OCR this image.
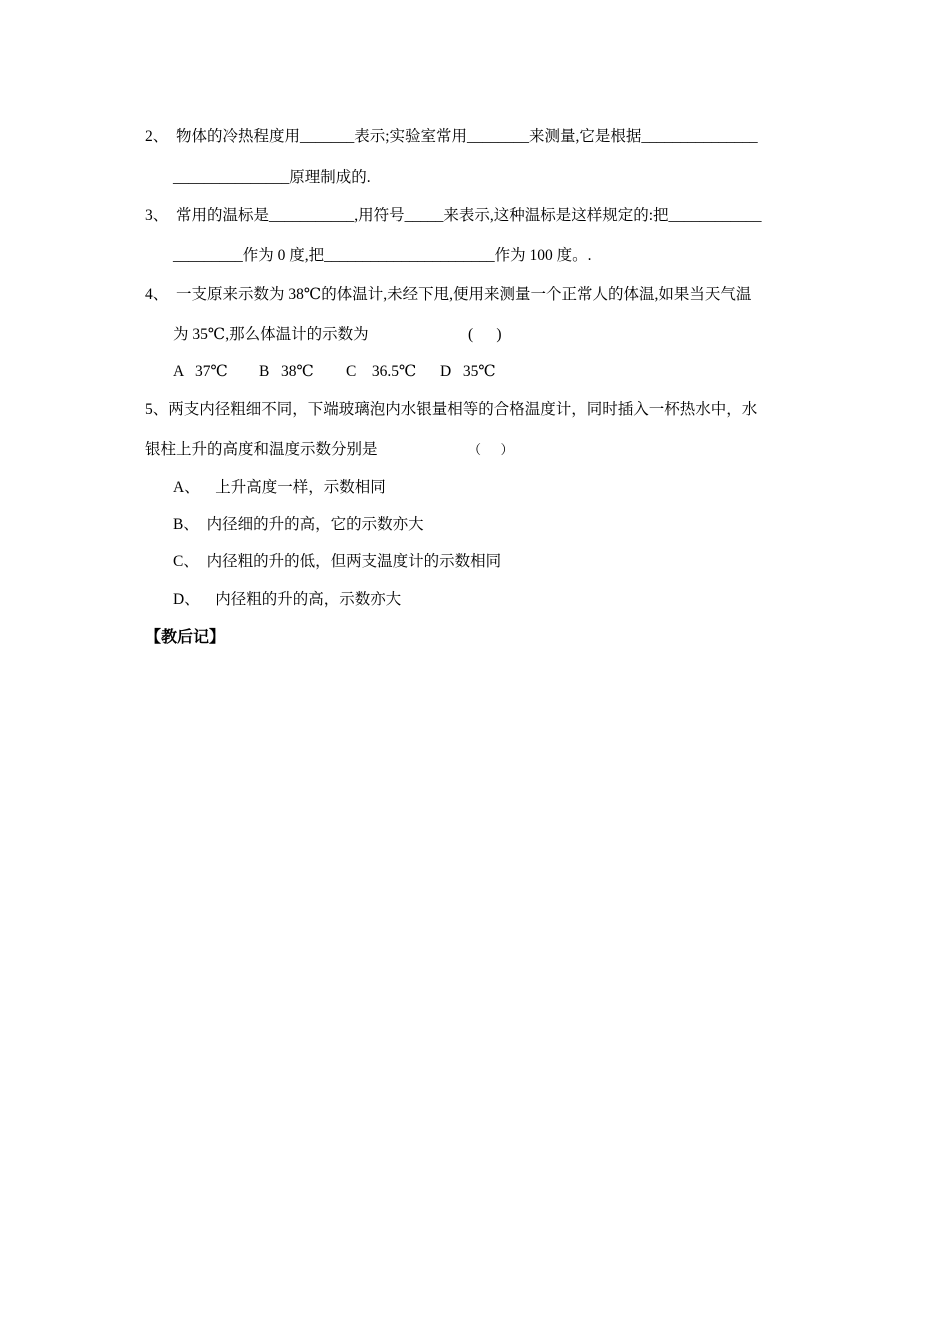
2、  物体的冷热程度用_______表示;实验室常用________来测量,它是根据_______________
_______________原理制成的.
3、  常用的温标是___________,用符号_____来表示,这种温标是这样规定的:把____________
_________作为 0 度,把______________________作为 100 度。.
4、  一支原来示数为 38℃的体温计,未经下甩,便用来测量一个正常人的体温,如果当天气温
为 35℃,那么体温计的示数为	(      )
A   37℃ B   38℃ C    36.5℃ D   35℃
5、两支内径粗细不同，下端玻璃泡内水银量相等的合格温度计，同时插入一杯热水中，水
银柱上升的高度和温度示数分别是	（      ）
A、    上升高度一样，示数相同
B、  内径细的升的高，它的示数亦大
C、  内径粗的升的低，但两支温度计的示数相同
D、    内径粗的升的高，示数亦大
【教后记】
